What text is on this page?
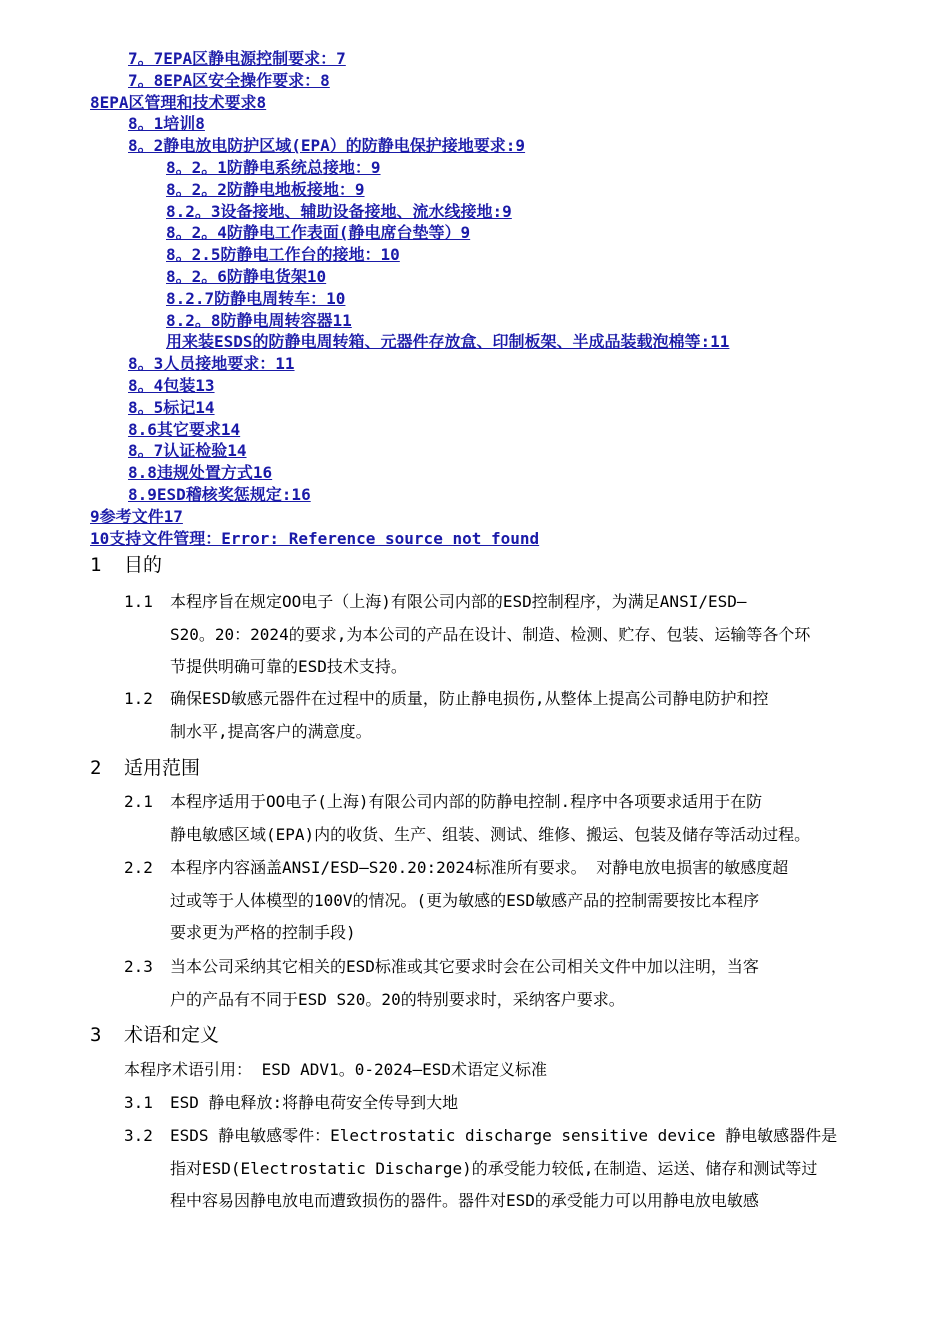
7。7EPA区静电源控制要求：7
7。8EPA区安全操作要求：8
8EPA区管理和技术要求8
8。1培训8
8。2静电放电防护区域(EPA）的防静电保护接地要求:9
8。2。1防静电系统总接地：9
8。2。2防静电地板接地：9
8.2。3设备接地、辅助设备接地、流水线接地:9
8。2。4防静电工作表面(静电席台垫等）9
8。2.5防静电工作台的接地：10
8。2。6防静电货架10
8.2.7防静电周转车：10
8.2。8防静电周转容器11
用来装ESDS的防静电周转箱、元器件存放盒、印制板架、半成品装载泡棉等:11
8。3人员接地要求：11
8。4包装13
8。5标记14
8.6其它要求14
8。7认证检验14
8.8违规处置方式16
8.9ESD稽核奖惩规定:16
9参考文件17
10支持文件管理：Error: Reference source not found
1 目的
1.1	本程序旨在规定OO电子（上海)有限公司内部的ESD控制程序，为满足ANSI/ESD—
S20。20：2024的要求,为本公司的产品在设计、制造、检测、贮存、包装、运输等各个环
节提供明确可靠的ESD技术支持。
1.2	确保ESD敏感元器件在过程中的质量，防止静电损伤,从整体上提高公司静电防护和控
制水平,提高客户的满意度。
2 适用范围
2.1	本程序适用于OO电子(上海)有限公司内部的防静电控制.程序中各项要求适用于在防
静电敏感区域(EPA)内的收货、生产、组装、测试、维修、搬运、包装及储存等活动过程。
2.2	本程序内容涵盖ANSI/ESD—S20.20:2024标准所有要求。 对静电放电损害的敏感度超
过或等于人体模型的100V的情况。(更为敏感的ESD敏感产品的控制需要按比本程序
要求更为严格的控制手段)
2.3	当本公司采纳其它相关的ESD标准或其它要求时会在公司相关文件中加以注明，当客
户的产品有不同于ESD S20。20的特别要求时，采纳客户要求。
3 术语和定义
本程序术语引用： ESD ADV1。0-2024—ESD术语定义标准
3.1	ESD 静电释放:将静电荷安全传导到大地
3.2	ESDS 静电敏感零件：Electrostatic discharge sensitive device 静电敏感器件是
指对ESD(Electrostatic Discharge)的承受能力较低,在制造、运送、储存和测试等过
程中容易因静电放电而遭致损伤的器件。器件对ESD的承受能力可以用静电放电敏感
